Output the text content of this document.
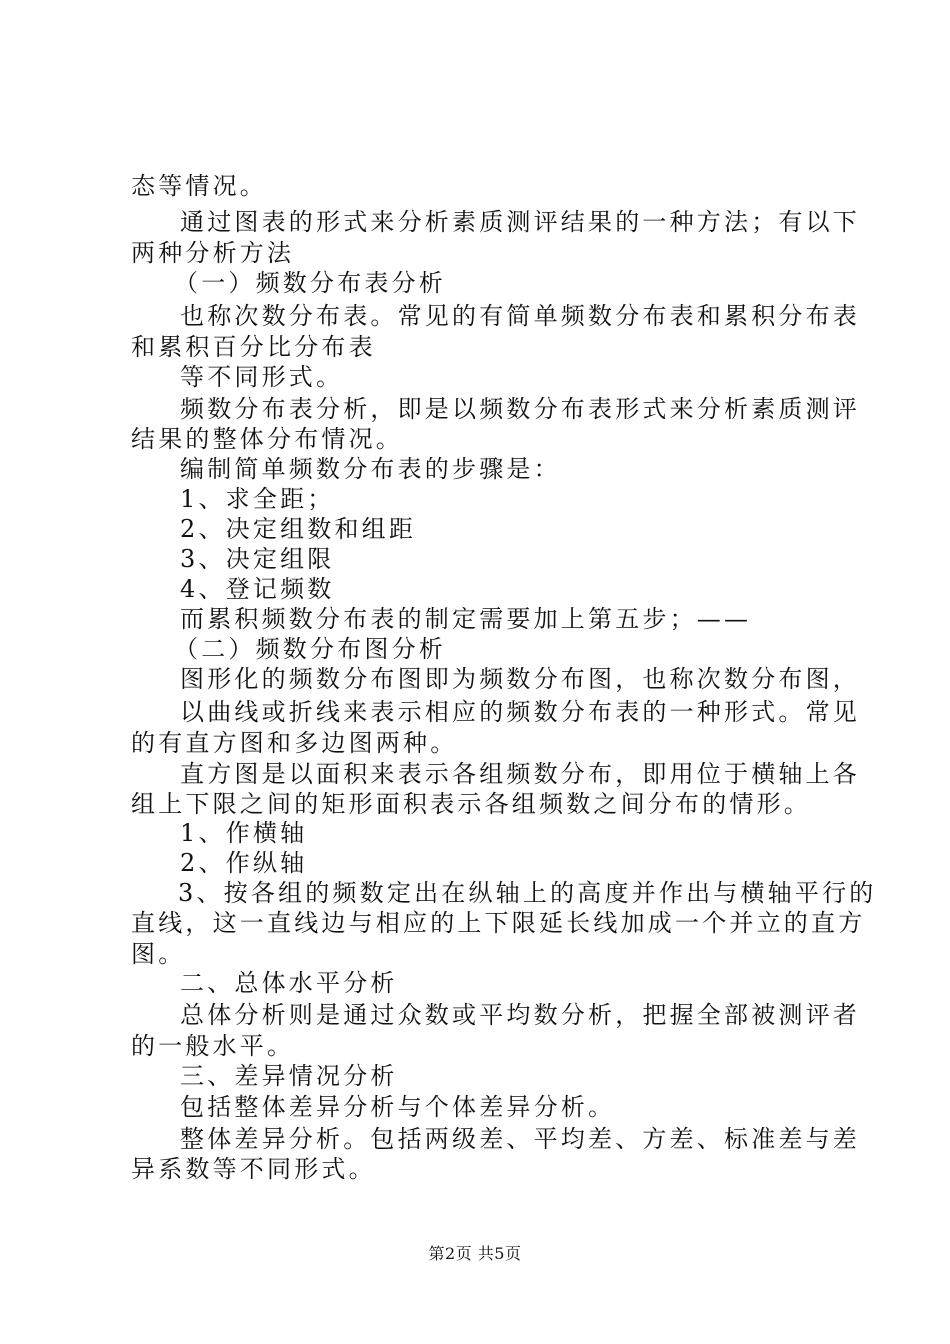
态等情况。
通过图表的形式来分析素质测评结果的一种方法；有以下
两种分析方法
（一）频数分布表分析
也称次数分布表。常见的有简单频数分布表和累积分布表
和累积百分比分布表
等不同形式。
频数分布表分析，即是以频数分布表形式来分析素质测评
结果的整体分布情况。
编制简单频数分布表的步骤是：
1、求全距；
2、决定组数和组距
3、决定组限
4、登记频数
而累积频数分布表的制定需要加上第五步；——
（二）频数分布图分析
图形化的频数分布图即为频数分布图，也称次数分布图，
以曲线或折线来表示相应的频数分布表的一种形式。常见
的有直方图和多边图两种。
直方图是以面积来表示各组频数分布，即用位于横轴上各
组上下限之间的矩形面积表示各组频数之间分布的情形。
1、作横轴
2、作纵轴
3、按各组的频数定出在纵轴上的高度并作出与横轴平行的
直线，这一直线边与相应的上下限延长线加成一个并立的直方
图。
二、总体水平分析
总体分析则是通过众数或平均数分析，把握全部被测评者
的一般水平。
三、差异情况分析
包括整体差异分析与个体差异分析。
整体差异分析。包括两级差、平均差、方差、标准差与差
异系数等不同形式。
第2页 共5页
